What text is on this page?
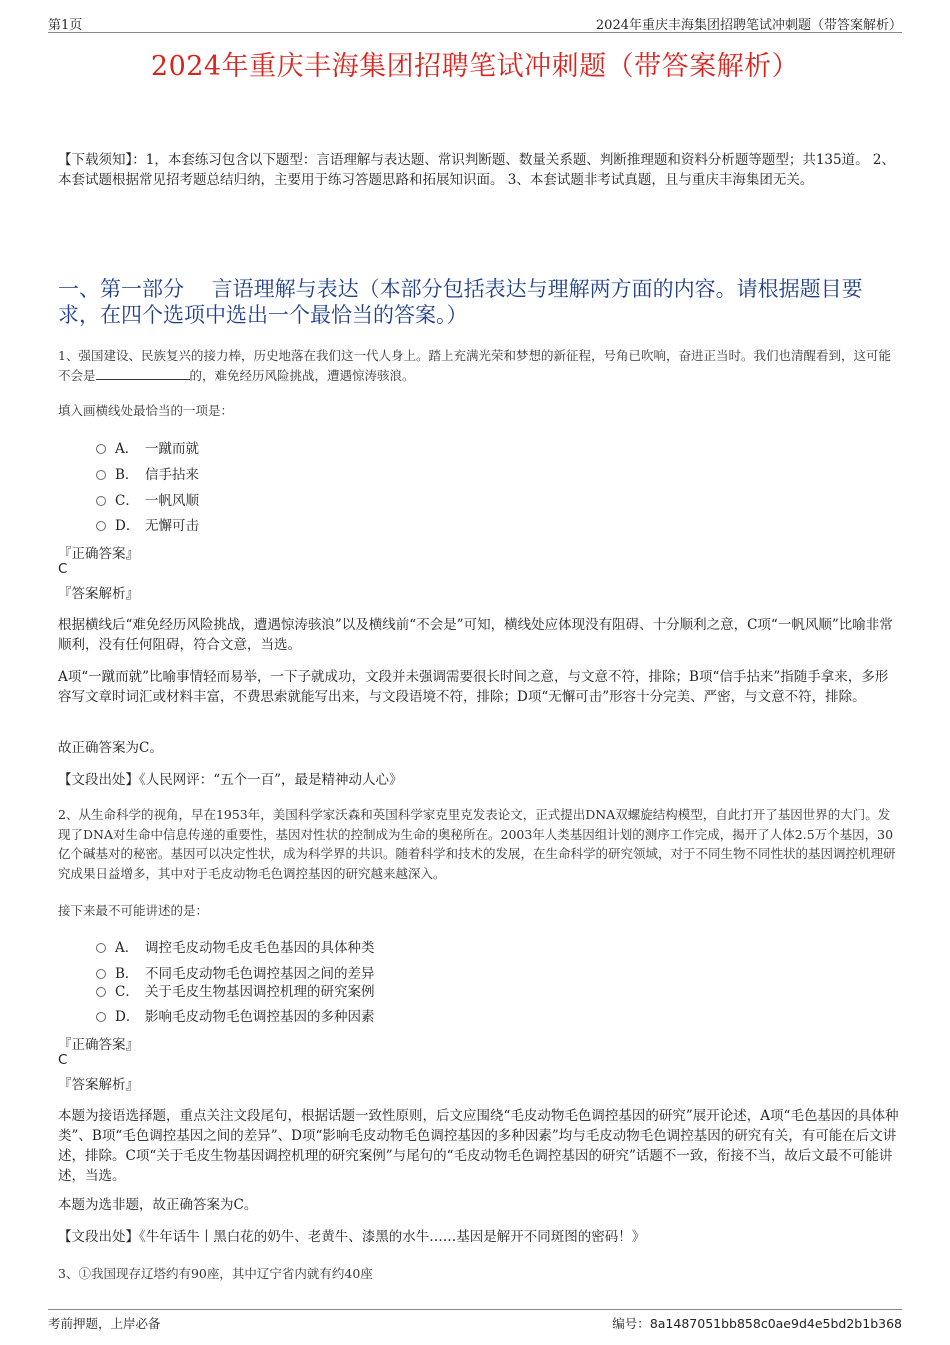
第1页	2024年重庆丰海集团招聘笔试冲刺题（带答案解析）
2024年重庆丰海集团招聘笔试冲刺题（带答案解析）
【下载须知】：1，本套练习包含以下题型：言语理解与表达题、常识判断题、数量关系题、判断推理题和资料分析题等题型；共135道。 2、本套试题根据常见招考题总结归纳，主要用于练习答题思路和拓展知识面。 3、本套试题非考试真题，且与重庆丰海集团无关。
一、第一部分　 言语理解与表达（本部分包括表达与理解两方面的内容。请根据题目要求，在四个选项中选出一个最恰当的答案。）
1、强国建设、民族复兴的接力棒，历史地落在我们这一代人身上。踏上充满光荣和梦想的新征程，号角已吹响，奋进正当时。我们也清醒看到，这可能不会是	的，难免经历风险挑战，遭遇惊涛骇浪。
填入画横线处最恰当的一项是：
A． 一蹴而就
B． 信手拈来
C． 一帆风顺
D． 无懈可击
『正确答案』
C
『答案解析』
根据横线后“难免经历风险挑战，遭遇惊涛骇浪”以及横线前“不会是”可知，横线处应体现没有阻碍、十分顺利之意，C项“一帆风顺”比喻非常顺利，没有任何阻碍，符合文意，当选。
A项“一蹴而就”比喻事情轻而易举，一下子就成功，文段并未强调需要很长时间之意，与文意不符，排除；B项“信手拈来”指随手拿来，多形容写文章时词汇或材料丰富，不费思索就能写出来，与文段语境不符，排除；D项“无懈可击”形容十分完美、严密，与文意不符，排除。
故正确答案为C。
【文段出处】《人民网评：“五个一百”，最是精神动人心》
2、从生命科学的视角，早在1953年，美国科学家沃森和英国科学家克里克发表论文，正式提出DNA双螺旋结构模型，自此打开了基因世界的大门。发现了DNA对生命中信息传递的重要性，基因对性状的控制成为生命的奥秘所在。2003年人类基因组计划的测序工作完成，揭开了人体2.5万个基因，30亿个碱基对的秘密。基因可以决定性状，成为科学界的共识。随着科学和技术的发展，在生命科学的研究领域，对于不同生物不同性状的基因调控机理研究成果日益增多，其中对于毛皮动物毛色调控基因的研究越来越深入。
接下来最不可能讲述的是：
A． 调控毛皮动物毛皮毛色基因的具体种类
B． 不同毛皮动物毛色调控基因之间的差异
C． 关于毛皮生物基因调控机理的研究案例
D． 影响毛皮动物毛色调控基因的多种因素
『正确答案』
C
『答案解析』
本题为接语选择题，重点关注文段尾句，根据话题一致性原则，后文应围绕“毛皮动物毛色调控基因的研究”展开论述，A项“毛色基因的具体种类”、B项“毛色调控基因之间的差异”、D项“影响毛皮动物毛色调控基因的多种因素”均与毛皮动物毛色调控基因的研究有关，有可能在后文讲述，排除。C项“关于毛皮生物基因调控机理的研究案例”与尾句的“毛皮动物毛色调控基因的研究”话题不一致，衔接不当，故后文最不可能讲述，当选。
本题为选非题，故正确答案为C。
【文段出处】《牛年话牛丨黑白花的奶牛、老黄牛、漆黑的水牛……基因是解开不同斑图的密码！》
3、①我国现存辽塔约有90座，其中辽宁省内就有约40座
考前押题，上岸必备	编号：8a1487051bb858c0ae9d4e5bd2b1b368
